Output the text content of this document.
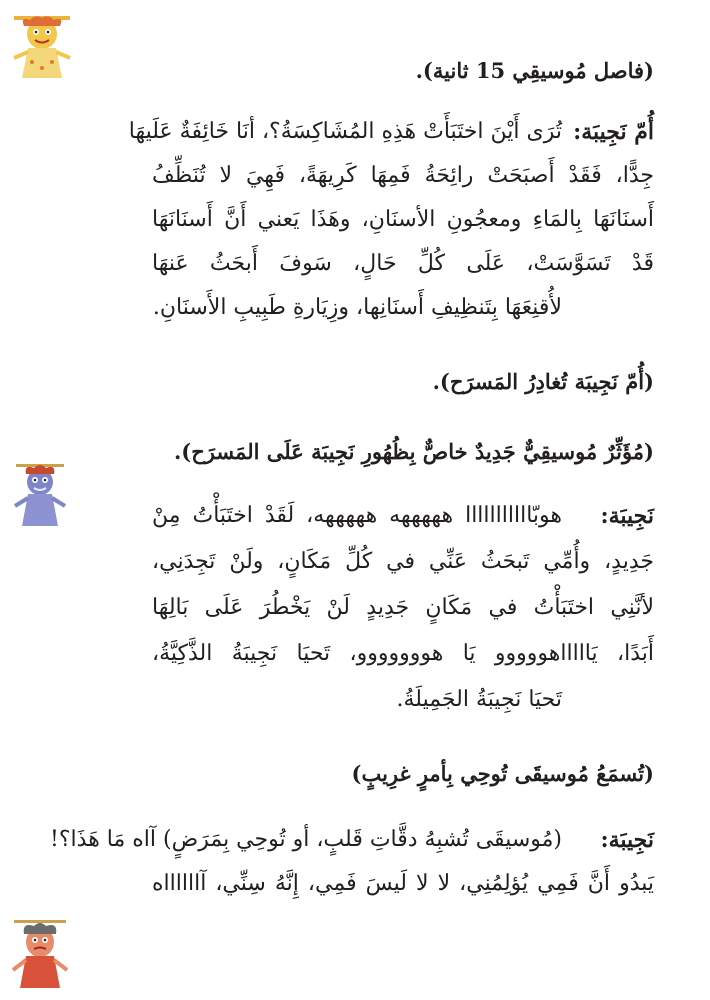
(فاصل مُوسيقِي 15 ثانية).
أُمّ نَجِيبَة:
تُرَى أَيْنَ اختَبَأَتْ هَذِهِ المُشَاكِسَةُ؟، أنَا خَائِفَةٌ عَلَيهَا
جِدًّا، فَقَدْ أَصبَحَتْ رائِحَةُ فَمِهَا كَرِيهَةً، فَهِيَ لا تُنَظِّفُ
أَسنَانَهَا بِالمَاءِ ومعجُونِ الأسنَانِ، وهَذَا يَعني أَنَّ أَسنَانَهَا
قَدْ تَسَوَّسَتْ، عَلَى كُلِّ حَالٍ، سَوفَ أَبحَثُ عَنهَا
لأُقنِعَهَا بِتَنظِيفِ أَسنَانِها، وزِيَارةِ طَبِيبِ الأَسنَانِ.
(أُمّ نَجِيبَة تُغادِرُ المَسرَح).
(مُؤَثِّرٌ مُوسيقِيٌّ جَدِيدٌ خاصٌّ بِظُهُورِ نَجِيبَة عَلَى المَسرَح).
نَجِيبَة:
هوبّااااااااااا هههههه هههههه، لَقَدْ اختَبَأْتُ مِنْ
جَدِيدٍ، وأُمِّي تَبحَثُ عَنِّي في كُلِّ مَكَانٍ، ولَنْ تَجِدَنِي،
لأنَّنِي اختَبَأْتُ في مَكَانٍ جَدِيدٍ لَنْ يَخْطُرَ عَلَى بَالِهَا
أَبَدًا، يَاااااهووووو يَا هووووووو، تَحيَا نَجِيبَةُ الذَّكِيَّةُ،
تَحيَا نَجِيبَةُ الجَمِيلَةُ.
(تُسمَعُ مُوسيقَى تُوحِي بِأمرٍ غرِيبٍ)
نَجِيبَة:
(مُوسيقَى تُشبِهُ دقَّاتِ قَلبٍ، أو تُوحِي بِمَرَضٍ) آاه مَا هَذَا؟!
يَبدُو أَنَّ فَمِي يُؤلِمُنِي، لا لا لَيسَ فَمِي، إِنَّهُ سِنِّي، آااااااه
